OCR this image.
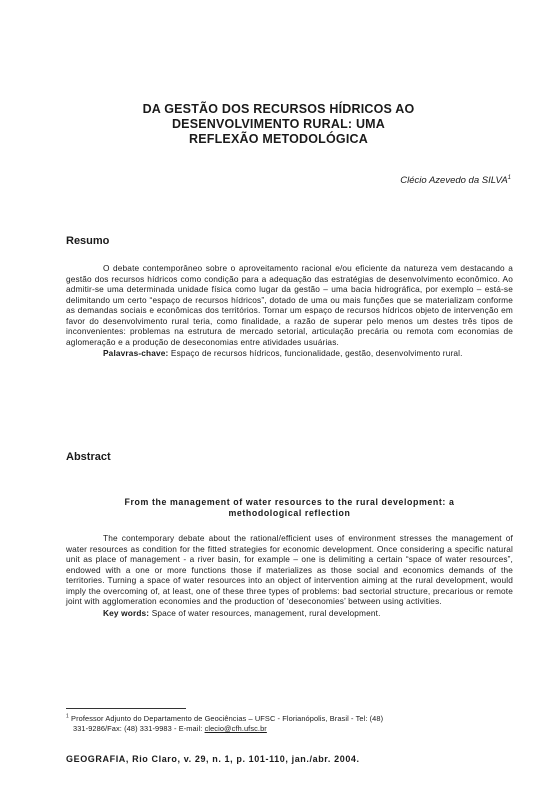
DA GESTÃO DOS RECURSOS HÍDRICOS AO
DESENVOLVIMENTO RURAL: UMA
REFLEXÃO METODOLÓGICA
Clécio Azevedo da SILVA$^1$
Resumo

O debate contemporâneo sobre o aproveitamento racional e/ou eficiente da natureza vem destacando a gestão dos recursos hídricos como condição para a adequação das estratégias de desenvolvimento econômico. Ao admitir-se uma determinada unidade física como lugar da gestão – uma bacia hidrográfica, por exemplo – está-se delimitando um certo “espaço de recursos hídricos”, dotado de uma ou mais funções que se materializam conforme as demandas sociais e econômicas dos territórios. Tornar um espaço de recursos hídricos objeto de intervenção em favor do desenvolvimento rural teria, como finalidade, a razão de superar pelo menos um destes três tipos de inconvenientes: problemas na estrutura de mercado setorial, articulação precária ou remota com economias de aglomeração e a produção de deseconomias entre atividades usuárias.

Palavras-chave: Espaço de recursos hídricos, funcionalidade, gestão, desenvolvimento rural.

Abstract
From the management of water resources to the rural development: a
methodological reflection

The contemporary debate about the rational/efficient uses of environment stresses the management of water resources as condition for the fitted strategies for economic development. Once considering a specific natural unit as place of management - a river basin, for example – one is delimiting a certain “space of water resources”, endowed with a one or more functions those if materializes as those social and economics demands of the territories. Turning a space of water resources into an object of intervention aiming at the rural development, would imply the overcoming of, at least, one of these three types of problems: bad sectorial structure, precarious or remote joint with agglomeration economies and the production of ‘deseconomies’ between using activities.

Key words: Space of water resources, management, rural development.

$^1$ Professor Adjunto do Departamento de Geociências – UFSC - Florianópolis, Brasil - Tel: (48)
331-9286/Fax: (48) 331-9983 - E-mail: clecio@cfh.ufsc.br
GEOGRAFIA, Rio Claro, v. 29, n. 1, p. 101-110, jan./abr. 2004.
